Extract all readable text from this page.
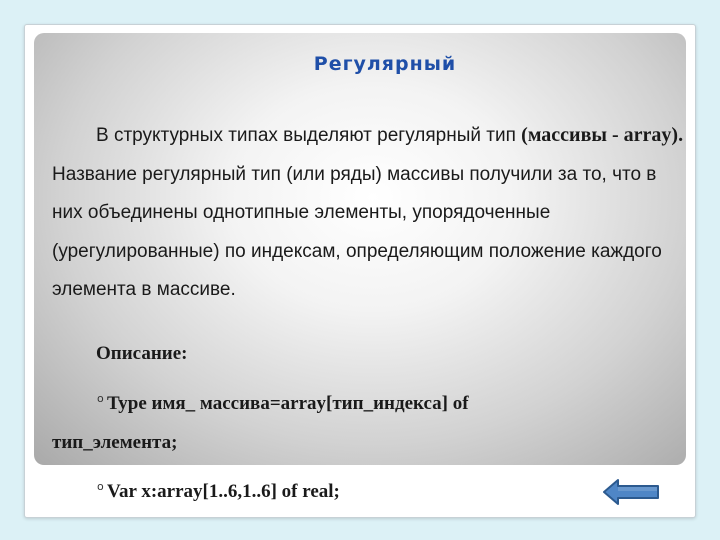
Регулярный

В структурных типах выделяют регулярный тип (массивы - array). Название регулярный тип (или ряды) массивы получили за то, что в них объединены однотипные элементы, упорядоченные (урегулированные) по индексам, определяющим положение каждого элемента в массиве.

Описание:
o Type имя_ массива=array[тип_индекса] of
тип_элемента;
o Var x:array[1..6,1..6] of real;
